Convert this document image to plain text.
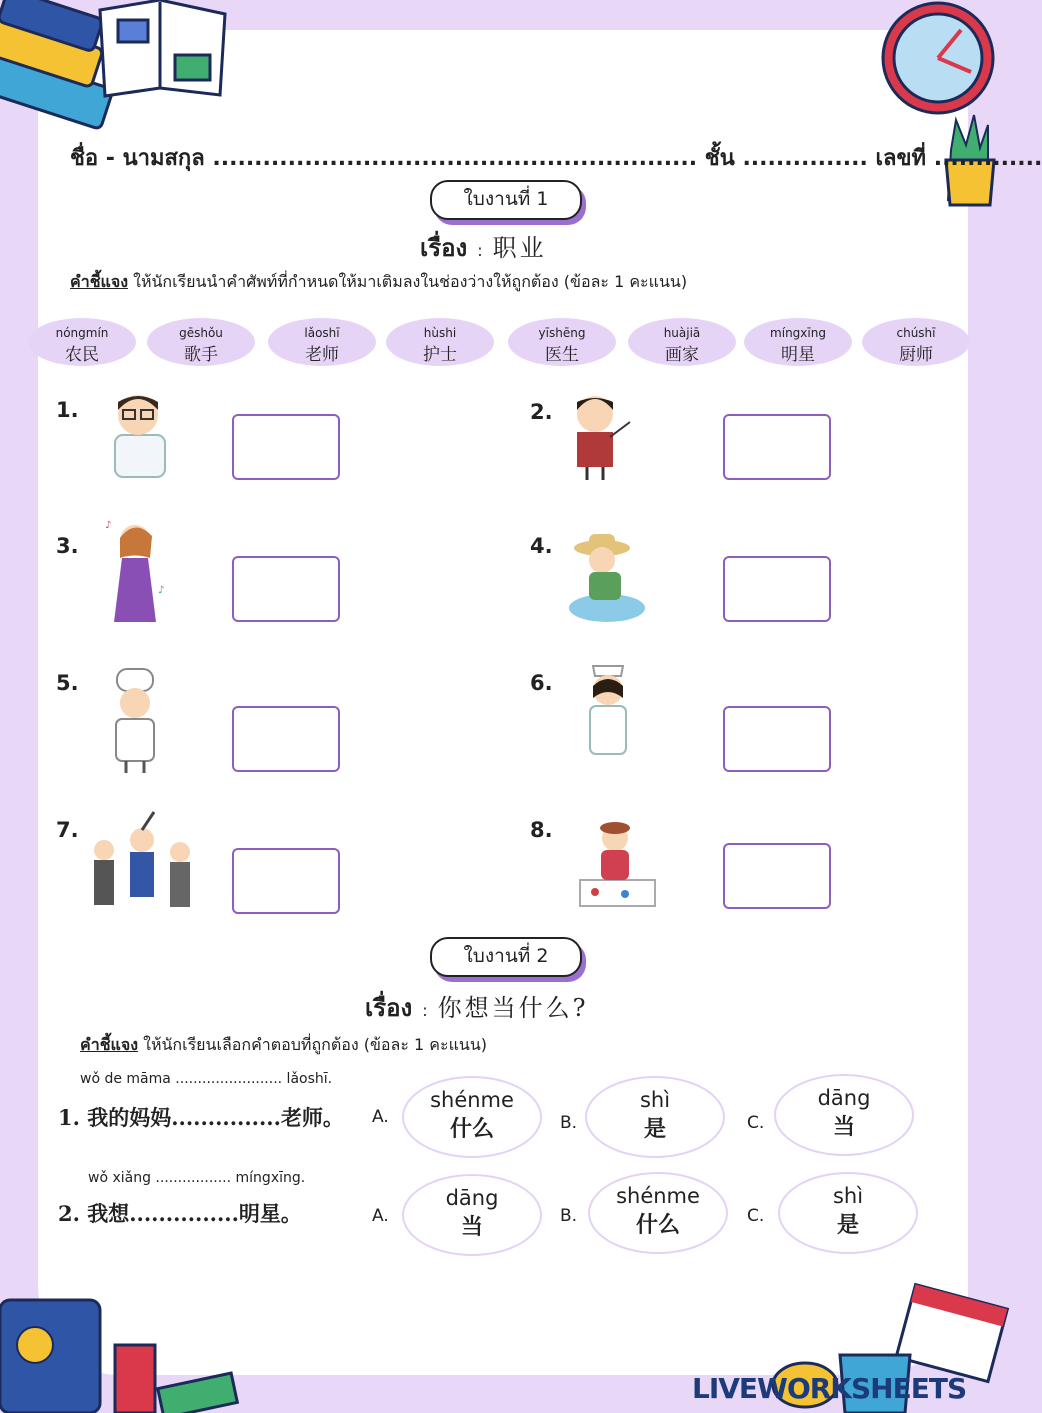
ชื่อ - นามสกุล .......................................................... ชั้น ............... เลขที่ .............
ใบงานที่ 1
เรื่อง : 职业
คำชี้แจง ให้นักเรียนนำคำศัพท์ที่กำหนดให้มาเติมลงในช่องว่างให้ถูกต้อง (ข้อละ 1 คะแนน)
nóngmín
农民
gēshǒu
歌手
lǎoshī
老师
hùshi
护士
yīshēng
医生
huàjiā
画家
míngxīng
明星
chúshī
厨师
1.	2.
3.	4.
5.	6.
7.	8.
♪
♪
ใบงานที่ 2
เรื่อง : 你想当什么?
คำชี้แจง ให้นักเรียนเลือกคำตอบที่ถูกต้อง (ข้อละ 1 คะแนน)
wǒ de māma ........................ lǎoshī.
1. 我的妈妈...............老师。 A.
shénme
什么	B.
shì
是	C.
dāng
当
wǒ xiǎng ................. míngxīng.
2. 我想...............明星。	A.
dāng
当	B.
shénme
什么	C.
shì
是
LIVEWORKSHEETS
